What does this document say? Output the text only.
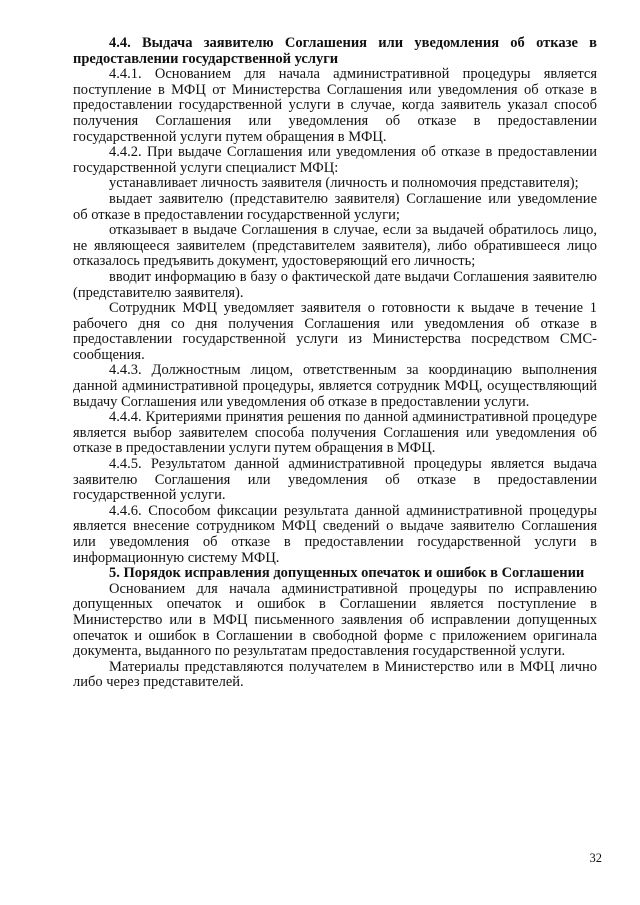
4.4. Выдача заявителю Соглашения или уведомления об отказе в предоставлении государственной услуги

4.4.1. Основанием для начала административной процедуры является поступление в МФЦ от Министерства Соглашения или уведомления об отказе в предоставлении государственной услуги в случае, когда заявитель указал способ получения Соглашения или уведомления об отказе в предоставлении государственной услуги путем обращения в МФЦ.

4.4.2. При выдаче Соглашения или уведомления об отказе в предоставлении государственной услуги специалист МФЦ:

устанавливает личность заявителя (личность и полномочия представителя);

выдает заявителю (представителю заявителя) Соглашение или уведомление об отказе в предоставлении государственной услуги;

отказывает в выдаче Соглашения в случае, если за выдачей обратилось лицо, не являющееся заявителем (представителем заявителя), либо обратившееся лицо отказалось предъявить документ, удостоверяющий его личность;

вводит информацию в базу о фактической дате выдачи Соглашения заявителю (представителю заявителя).

Сотрудник МФЦ уведомляет заявителя о готовности к выдаче в течение 1 рабочего дня со дня получения Соглашения или уведомления об отказе в предоставлении государственной услуги из Министерства посредством СМС-сообщения.

4.4.3. Должностным лицом, ответственным за координацию выполнения данной административной процедуры, является сотрудник МФЦ, осуществляющий выдачу Соглашения или уведомления об отказе в предоставлении услуги.

4.4.4. Критериями принятия решения по данной административной процедуре является выбор заявителем способа получения Соглашения или уведомления об отказе в предоставлении услуги путем обращения в МФЦ.

4.4.5. Результатом данной административной процедуры является выдача заявителю Соглашения или уведомления об отказе в предоставлении государственной услуги.

4.4.6. Способом фиксации результата данной административной процедуры является внесение сотрудником МФЦ сведений о выдаче заявителю Соглашения или уведомления об отказе в предоставлении государственной услуги в информационную систему МФЦ.

5. Порядок исправления допущенных опечаток и ошибок в Соглашении

Основанием для начала административной процедуры по исправлению допущенных опечаток и ошибок в Соглашении является поступление в Министерство или в МФЦ письменного заявления об исправлении допущенных опечаток и ошибок в Соглашении в свободной форме с приложением оригинала документа, выданного по результатам предоставления государственной услуги.

Материалы представляются получателем в Министерство или в МФЦ лично либо через представителей.

32
